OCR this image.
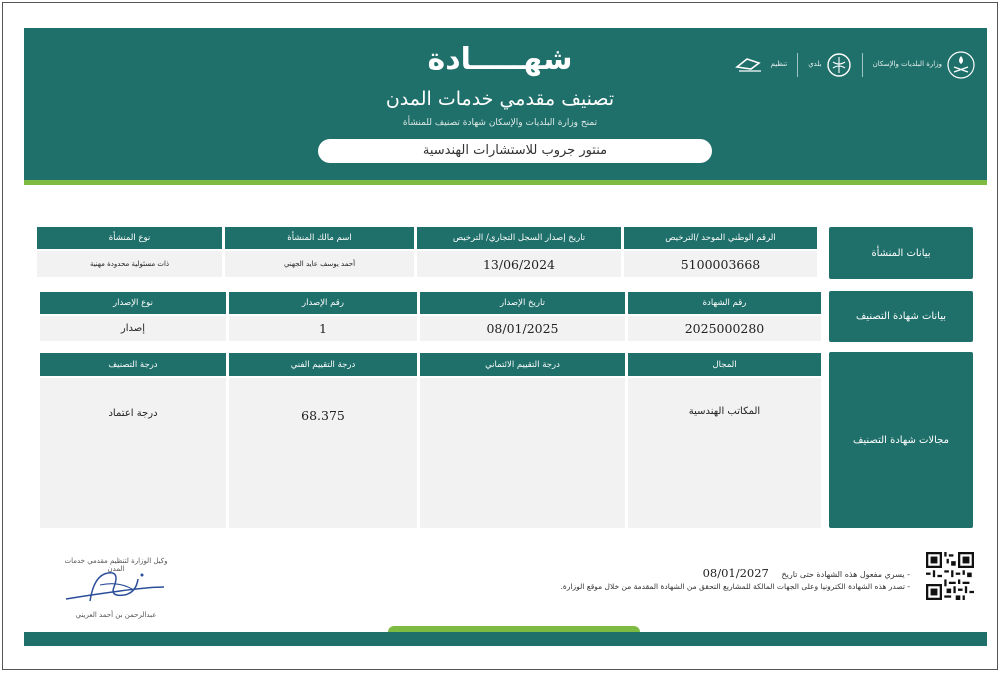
شهـــــادة
تصنيف مقدمي خدمات المدن
تمنح وزارة البلديات والإسكان شهادة تصنيف للمنشأة
منتور جروب للاستشارات الهندسية
تنظيم	بلدي	وزارة البلديات والإسكان
بيانات المنشأة
الرقم الوطني الموحد /الترخيص
تاريخ إصدار السجل التجاري/ الترخيص
اسم مالك المنشأة
نوع المنشأة
5100003668
13/06/2024
أحمد يوسف عايد الجهني
ذات مسئولية محدودة مهنية
بيانات شهادة التصنيف
رقم الشهادة
تاريخ الإصدار
رقم الإصدار
نوع الإصدار
2025000280
08/01/2025
1
إصدار
مجالات شهادة التصنيف
المجال
درجة التقييم الائتماني
درجة التقييم الفني
درجة التصنيف
المكاتب الهندسية
68.375
درجة اعتماد
- يسري مفعول هذه الشهادة حتى تاريخ 08/01/2027
- تصدر هذه الشهادة الكترونيا وعلى الجهات المالكة للمشاريع التحقق من الشهادة المقدمة من خلال موقع الوزارة.
وكيل الوزارة لتنظيم مقدمي خدمات المدن
عبدالرحمن بن أحمد العريني
